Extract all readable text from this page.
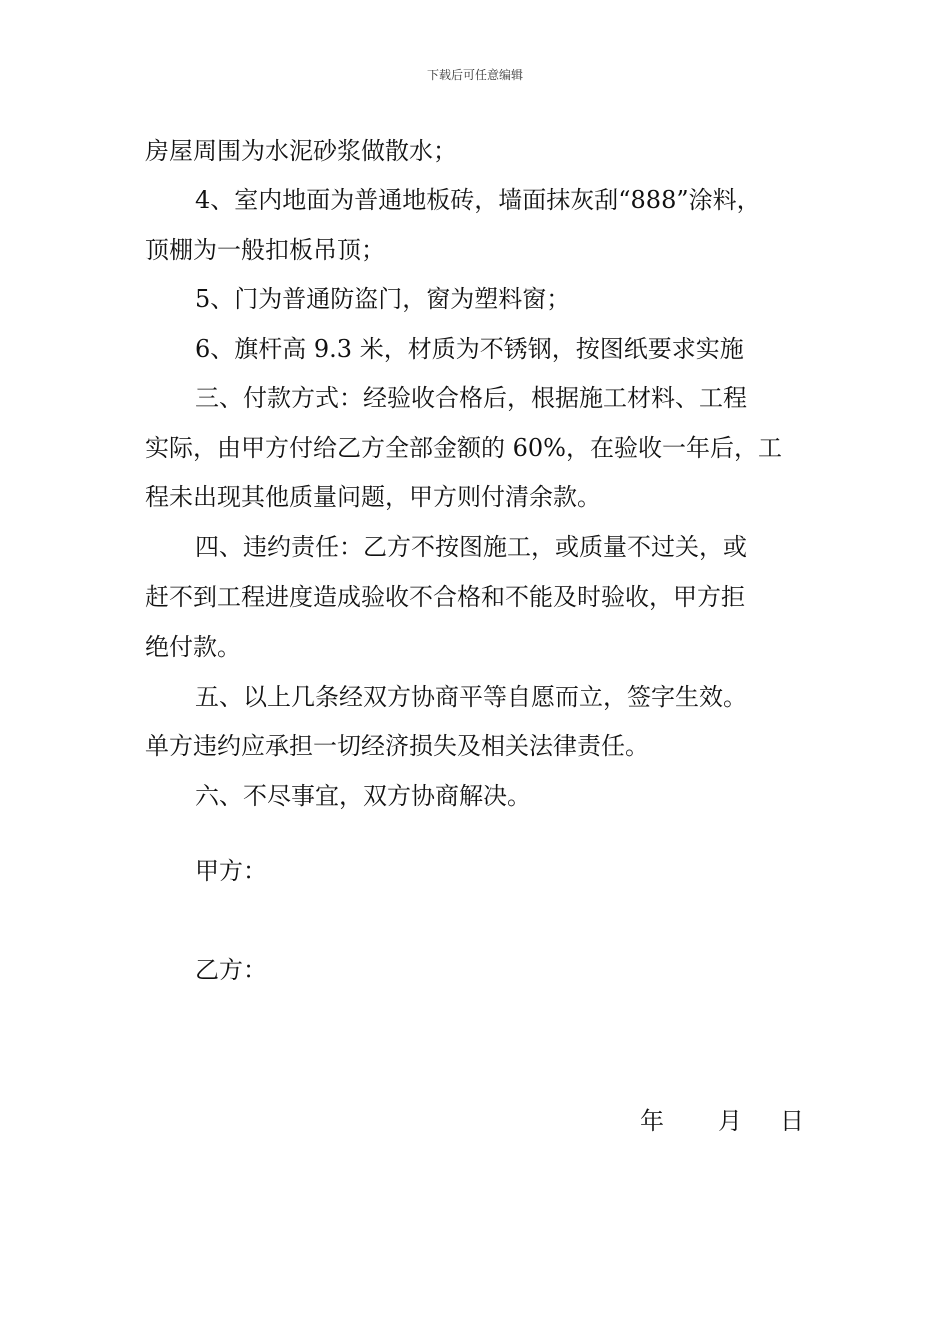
下载后可任意编辑
房屋周围为水泥砂浆做散水；
4、室内地面为普通地板砖，墙面抹灰刮“888”涂料，
顶棚为一般扣板吊顶；
5、门为普通防盗门，窗为塑料窗；
6、旗杆高 9.3 米，材质为不锈钢，按图纸要求实施
三、付款方式：经验收合格后，根据施工材料、工程
实际，由甲方付给乙方全部金额的 60%，在验收一年后，工
程未出现其他质量问题，甲方则付清余款。
四、违约责任：乙方不按图施工，或质量不过关，或
赶不到工程进度造成验收不合格和不能及时验收，甲方拒
绝付款。
五、以上几条经双方协商平等自愿而立，签字生效。
单方违约应承担一切经济损失及相关法律责任。
六、不尽事宜，双方协商解决。
甲方：
乙方：
年 月 日
